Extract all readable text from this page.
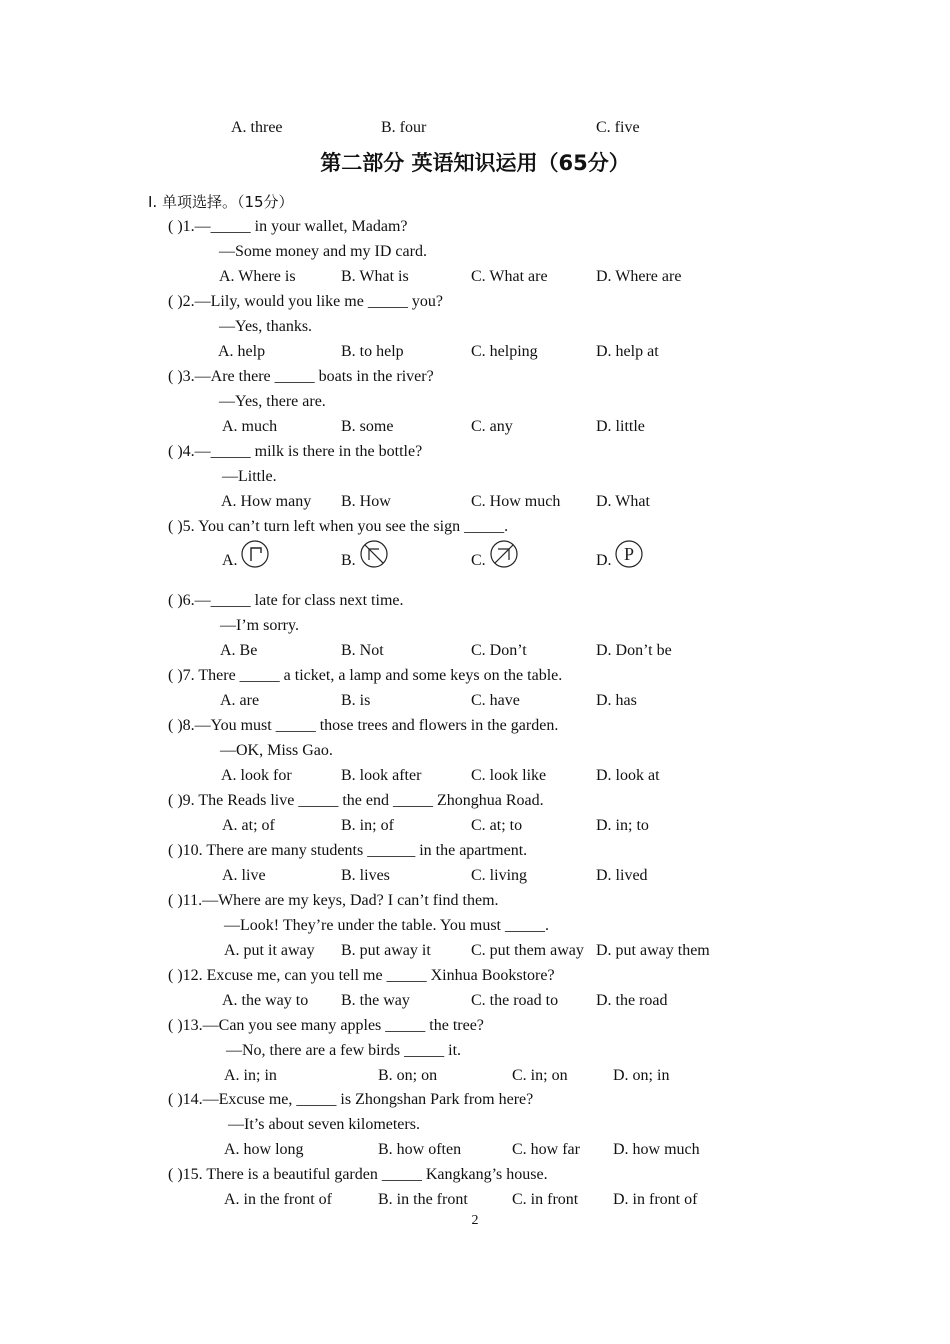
A. three	B. four	C. five
第二部分 英语知识运用（65分）
Ⅰ. 单项选择。（15分）
( )1.—_____ in your wallet, Madam?
—Some money and my ID card.
A. Where is	B. What is	C. What are	D. Where are
( )2.—Lily, would you like me _____ you?
—Yes, thanks.
A. help	B. to help	C. helping	D. help at
( )3.—Are there _____ boats in the river?
—Yes, there are.
A. much	B. some	C. any	D. little
( )4.—_____ milk is there in the bottle?
—Little.
A. How many B. How	C. How much D. What
( )5. You can’t turn left when you see the sign _____.
A.	B.	C.	D. P
( )6.—_____ late for class next time.
—I’m sorry.
A. Be	B. Not	C. Don’t	D. Don’t be
( )7. There _____ a ticket, a lamp and some keys on the table.
A. are	B. is	C. have	D. has
( )8.—You must _____ those trees and flowers in the garden.
—OK, Miss Gao.
A. look for	B. look after	C. look like	D. look at
( )9. The Reads live _____ the end _____ Zhonghua Road.
A. at; of	B. in; of	C. at; to	D. in; to
( )10. There are many students ______ in the apartment.
A. live	B. lives	C. living	D. lived
( )11.—Where are my keys, Dad? I can’t find them.
—Look! They’re under the table. You must _____.
A. put it away B. put away it	C. put them away D. put away them
( )12. Excuse me, can you tell me _____ Xinhua Bookstore?
A. the way to B. the way	C. the road to D. the road
( )13.—Can you see many apples _____ the tree?
—No, there are a few birds _____ it.
A. in; in	B. on; on	C. in; on	D. on; in
( )14.—Excuse me, _____ is Zhongshan Park from here?
—It’s about seven kilometers.
A. how long	B. how often	C. how far D. how much
( )15. There is a beautiful garden _____ Kangkang’s house.
A. in the front of	B. in the front	C. in front D. in front of
2
